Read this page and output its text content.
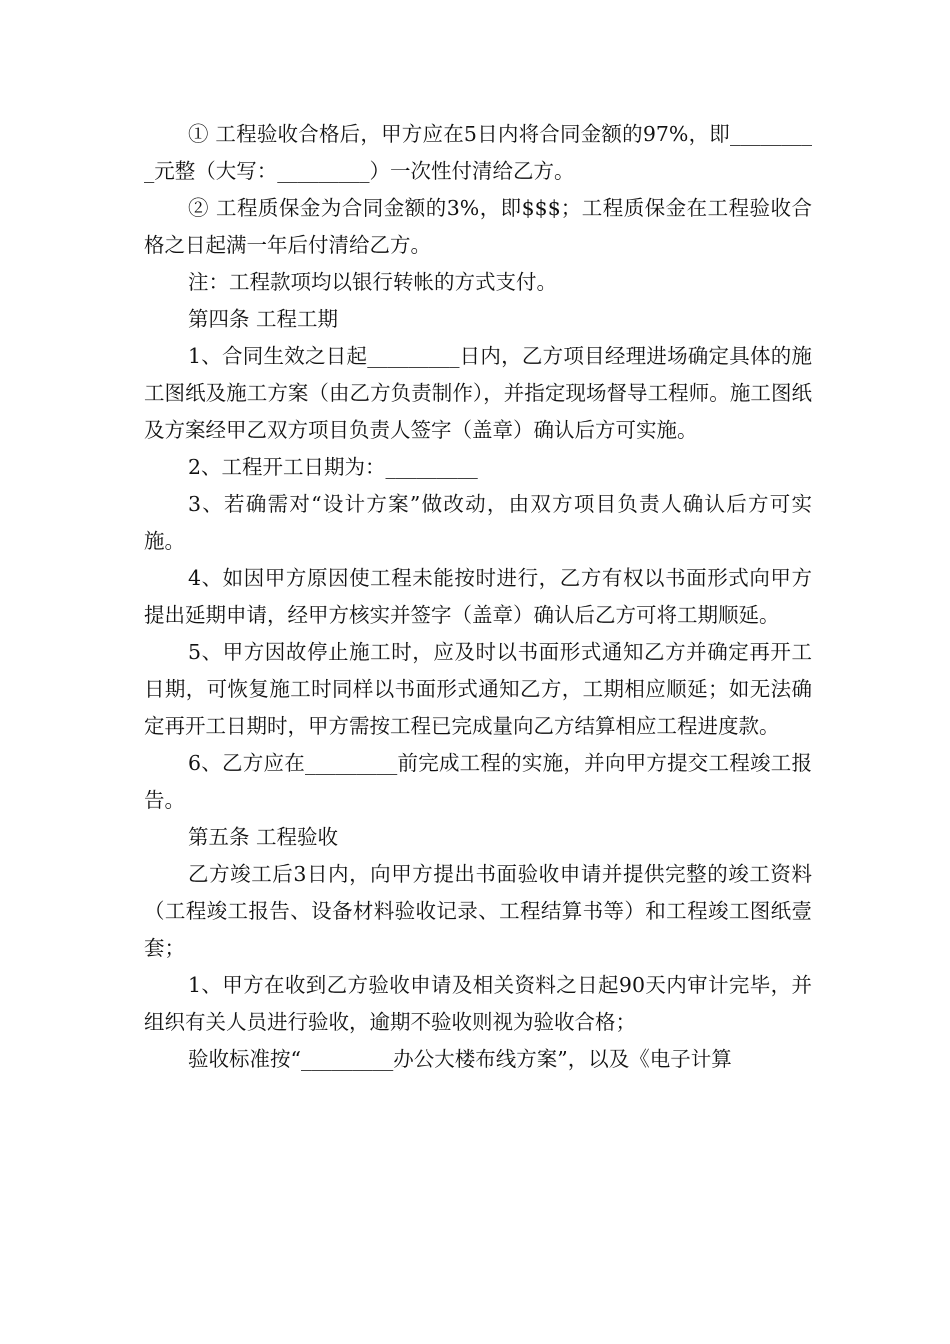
① 工程验收合格后，甲方应在5日内将合同金额的97%，即_________元整（大写：_________）一次性付清给乙方。

② 工程质保金为合同金额的3%，即$$$；工程质保金在工程验收合格之日起满一年后付清给乙方。

注：工程款项均以银行转帐的方式支付。

第四条 工程工期

1、合同生效之日起_________日内，乙方项目经理进场确定具体的施工图纸及施工方案（由乙方负责制作），并指定现场督导工程师。施工图纸及方案经甲乙双方项目负责人签字（盖章）确认后方可实施。

2、工程开工日期为：_________

3、若确需对“设计方案”做改动，由双方项目负责人确认后方可实施。

4、如因甲方原因使工程未能按时进行，乙方有权以书面形式向甲方提出延期申请，经甲方核实并签字（盖章）确认后乙方可将工期顺延。

5、甲方因故停止施工时，应及时以书面形式通知乙方并确定再开工日期，可恢复施工时同样以书面形式通知乙方，工期相应顺延；如无法确定再开工日期时，甲方需按工程已完成量向乙方结算相应工程进度款。

6、乙方应在_________前完成工程的实施，并向甲方提交工程竣工报告。

第五条 工程验收

乙方竣工后3日内，向甲方提出书面验收申请并提供完整的竣工资料（工程竣工报告、设备材料验收记录、工程结算书等）和工程竣工图纸壹套；

1、甲方在收到乙方验收申请及相关资料之日起90天内审计完毕，并组织有关人员进行验收，逾期不验收则视为验收合格；

验收标准按“_________办公大楼布线方案”，以及《电子计算
